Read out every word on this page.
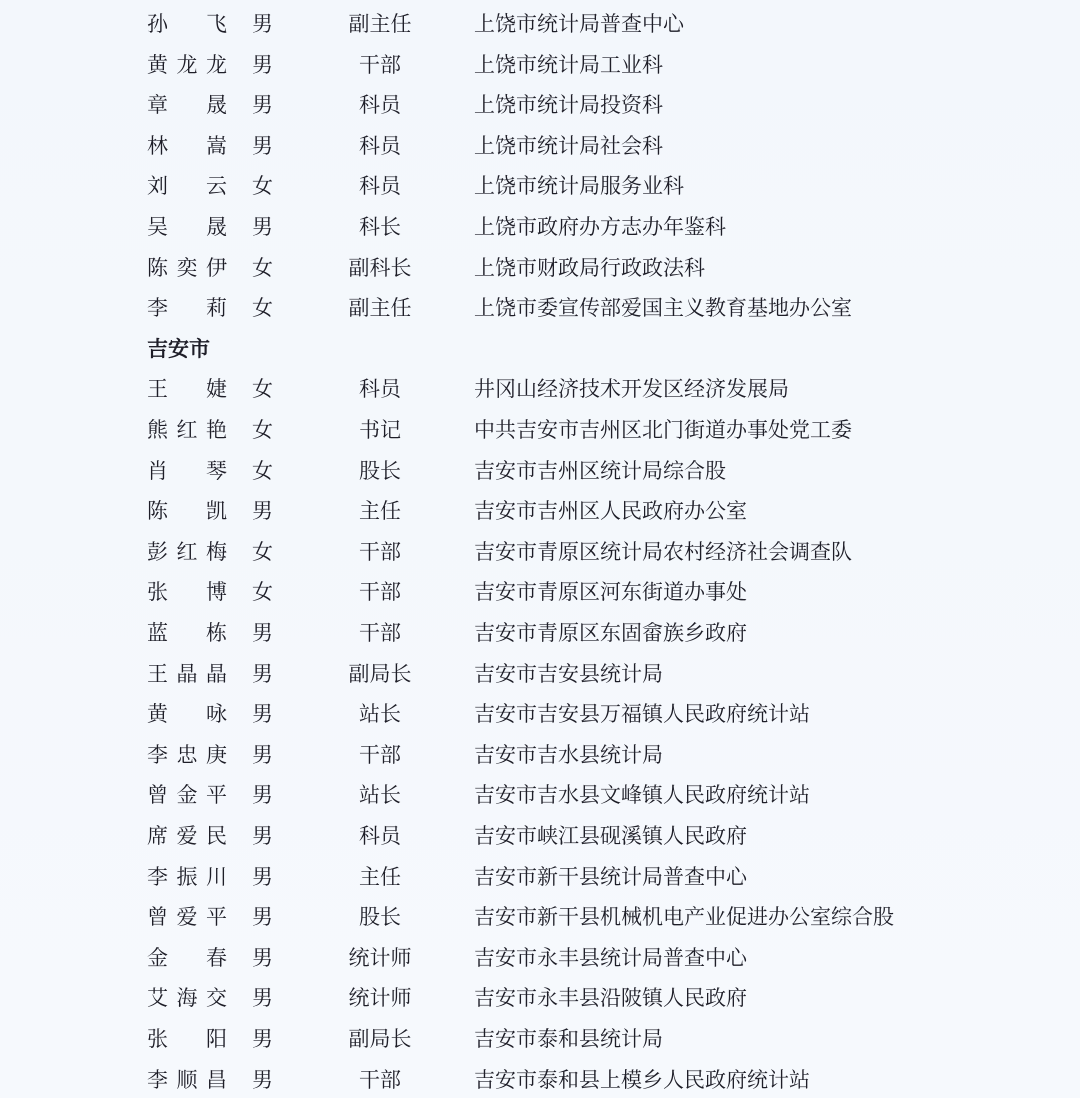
孙　飞 男	副主任	上饶市统计局普查中心
黄龙龙 男	干部	上饶市统计局工业科
章　晟 男	科员	上饶市统计局投资科
林　嵩 男	科员	上饶市统计局社会科
刘　云 女	科员	上饶市统计局服务业科
吴　晟 男	科长	上饶市政府办方志办年鉴科
陈奕伊 女	副科长	上饶市财政局行政政法科
李　莉 女	副主任	上饶市委宣传部爱国主义教育基地办公室
吉安市
王　婕 女	科员	井冈山经济技术开发区经济发展局
熊红艳 女	书记	中共吉安市吉州区北门街道办事处党工委
肖　琴 女	股长	吉安市吉州区统计局综合股
陈　凯 男	主任	吉安市吉州区人民政府办公室
彭红梅 女	干部	吉安市青原区统计局农村经济社会调查队
张　博 女	干部	吉安市青原区河东街道办事处
蓝　栋 男	干部	吉安市青原区东固畲族乡政府
王晶晶 男	副局长	吉安市吉安县统计局
黄　咏 男	站长	吉安市吉安县万福镇人民政府统计站
李忠庚 男	干部	吉安市吉水县统计局
曾金平 男	站长	吉安市吉水县文峰镇人民政府统计站
席爱民 男	科员	吉安市峡江县砚溪镇人民政府
李振川 男	主任	吉安市新干县统计局普查中心
曾爱平 男	股长	吉安市新干县机械机电产业促进办公室综合股
金　春 男	统计师	吉安市永丰县统计局普查中心
艾海交 男	统计师	吉安市永丰县沿陂镇人民政府
张　阳 男	副局长	吉安市泰和县统计局
李顺昌 男	干部	吉安市泰和县上模乡人民政府统计站
